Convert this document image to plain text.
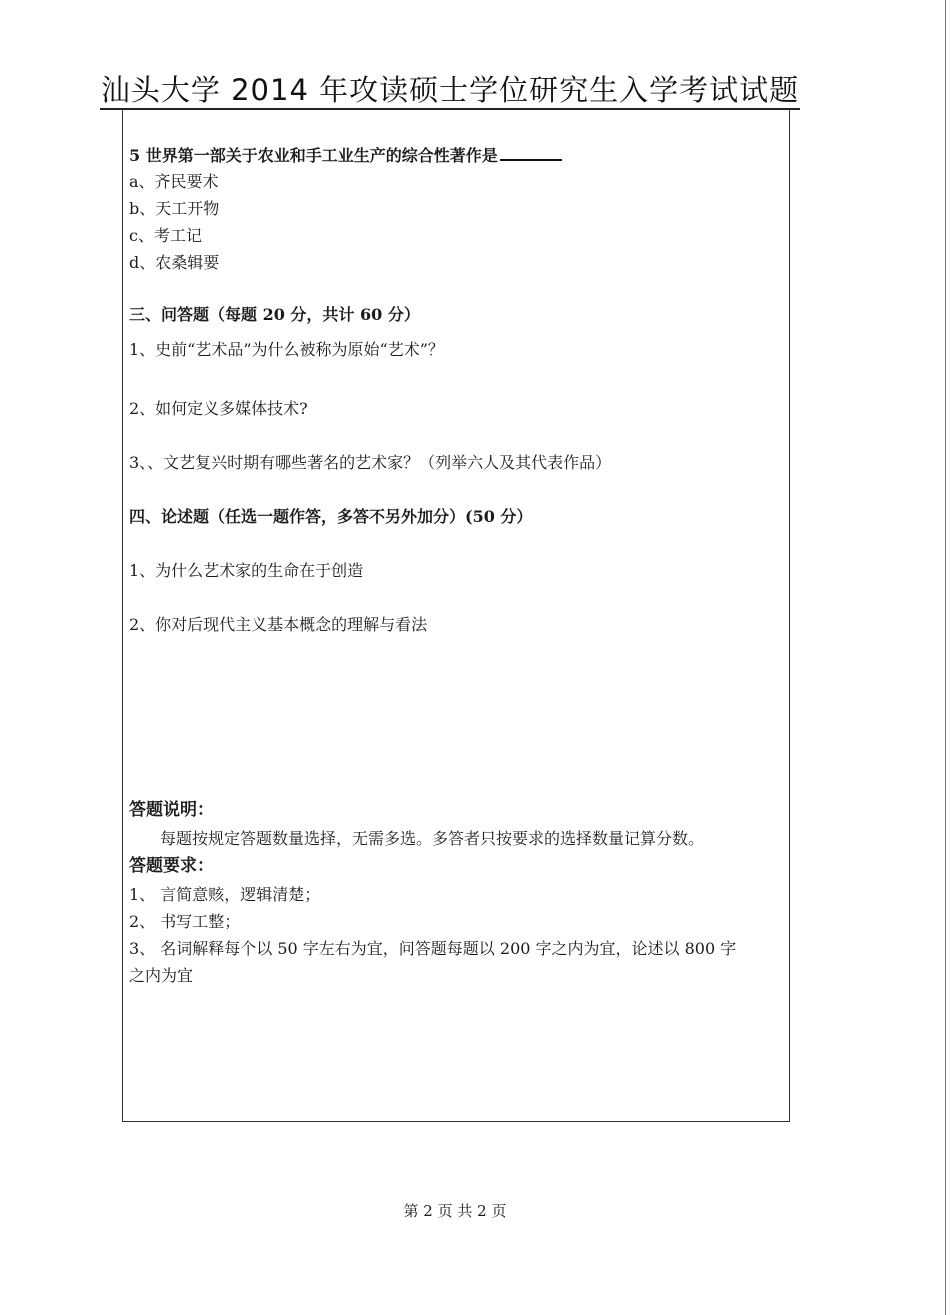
汕头大学 2014 年攻读硕士学位研究生入学考试试题
5 世界第一部关于农业和手工业生产的综合性著作是
a、齐民要术
b、天工开物
c、考工记
d、农桑辑要
三、问答题（每题 20 分，共计 60 分）
1、史前“艺术品”为什么被称为原始“艺术”？
2、如何定义多媒体技术?
3、、文艺复兴时期有哪些著名的艺术家？（列举六人及其代表作品）
四、论述题（任选一题作答，多答不另外加分）(50 分）
1、为什么艺术家的生命在于创造
2、你对后现代主义基本概念的理解与看法
答题说明：
每题按规定答题数量选择，无需多选。多答者只按要求的选择数量记算分数。
答题要求：
1、 言简意赅，逻辑清楚；
2、 书写工整；
3、 名词解释每个以 50 字左右为宜，问答题每题以 200 字之内为宜，论述以 800 字
之内为宜
第 2 页 共 2 页
